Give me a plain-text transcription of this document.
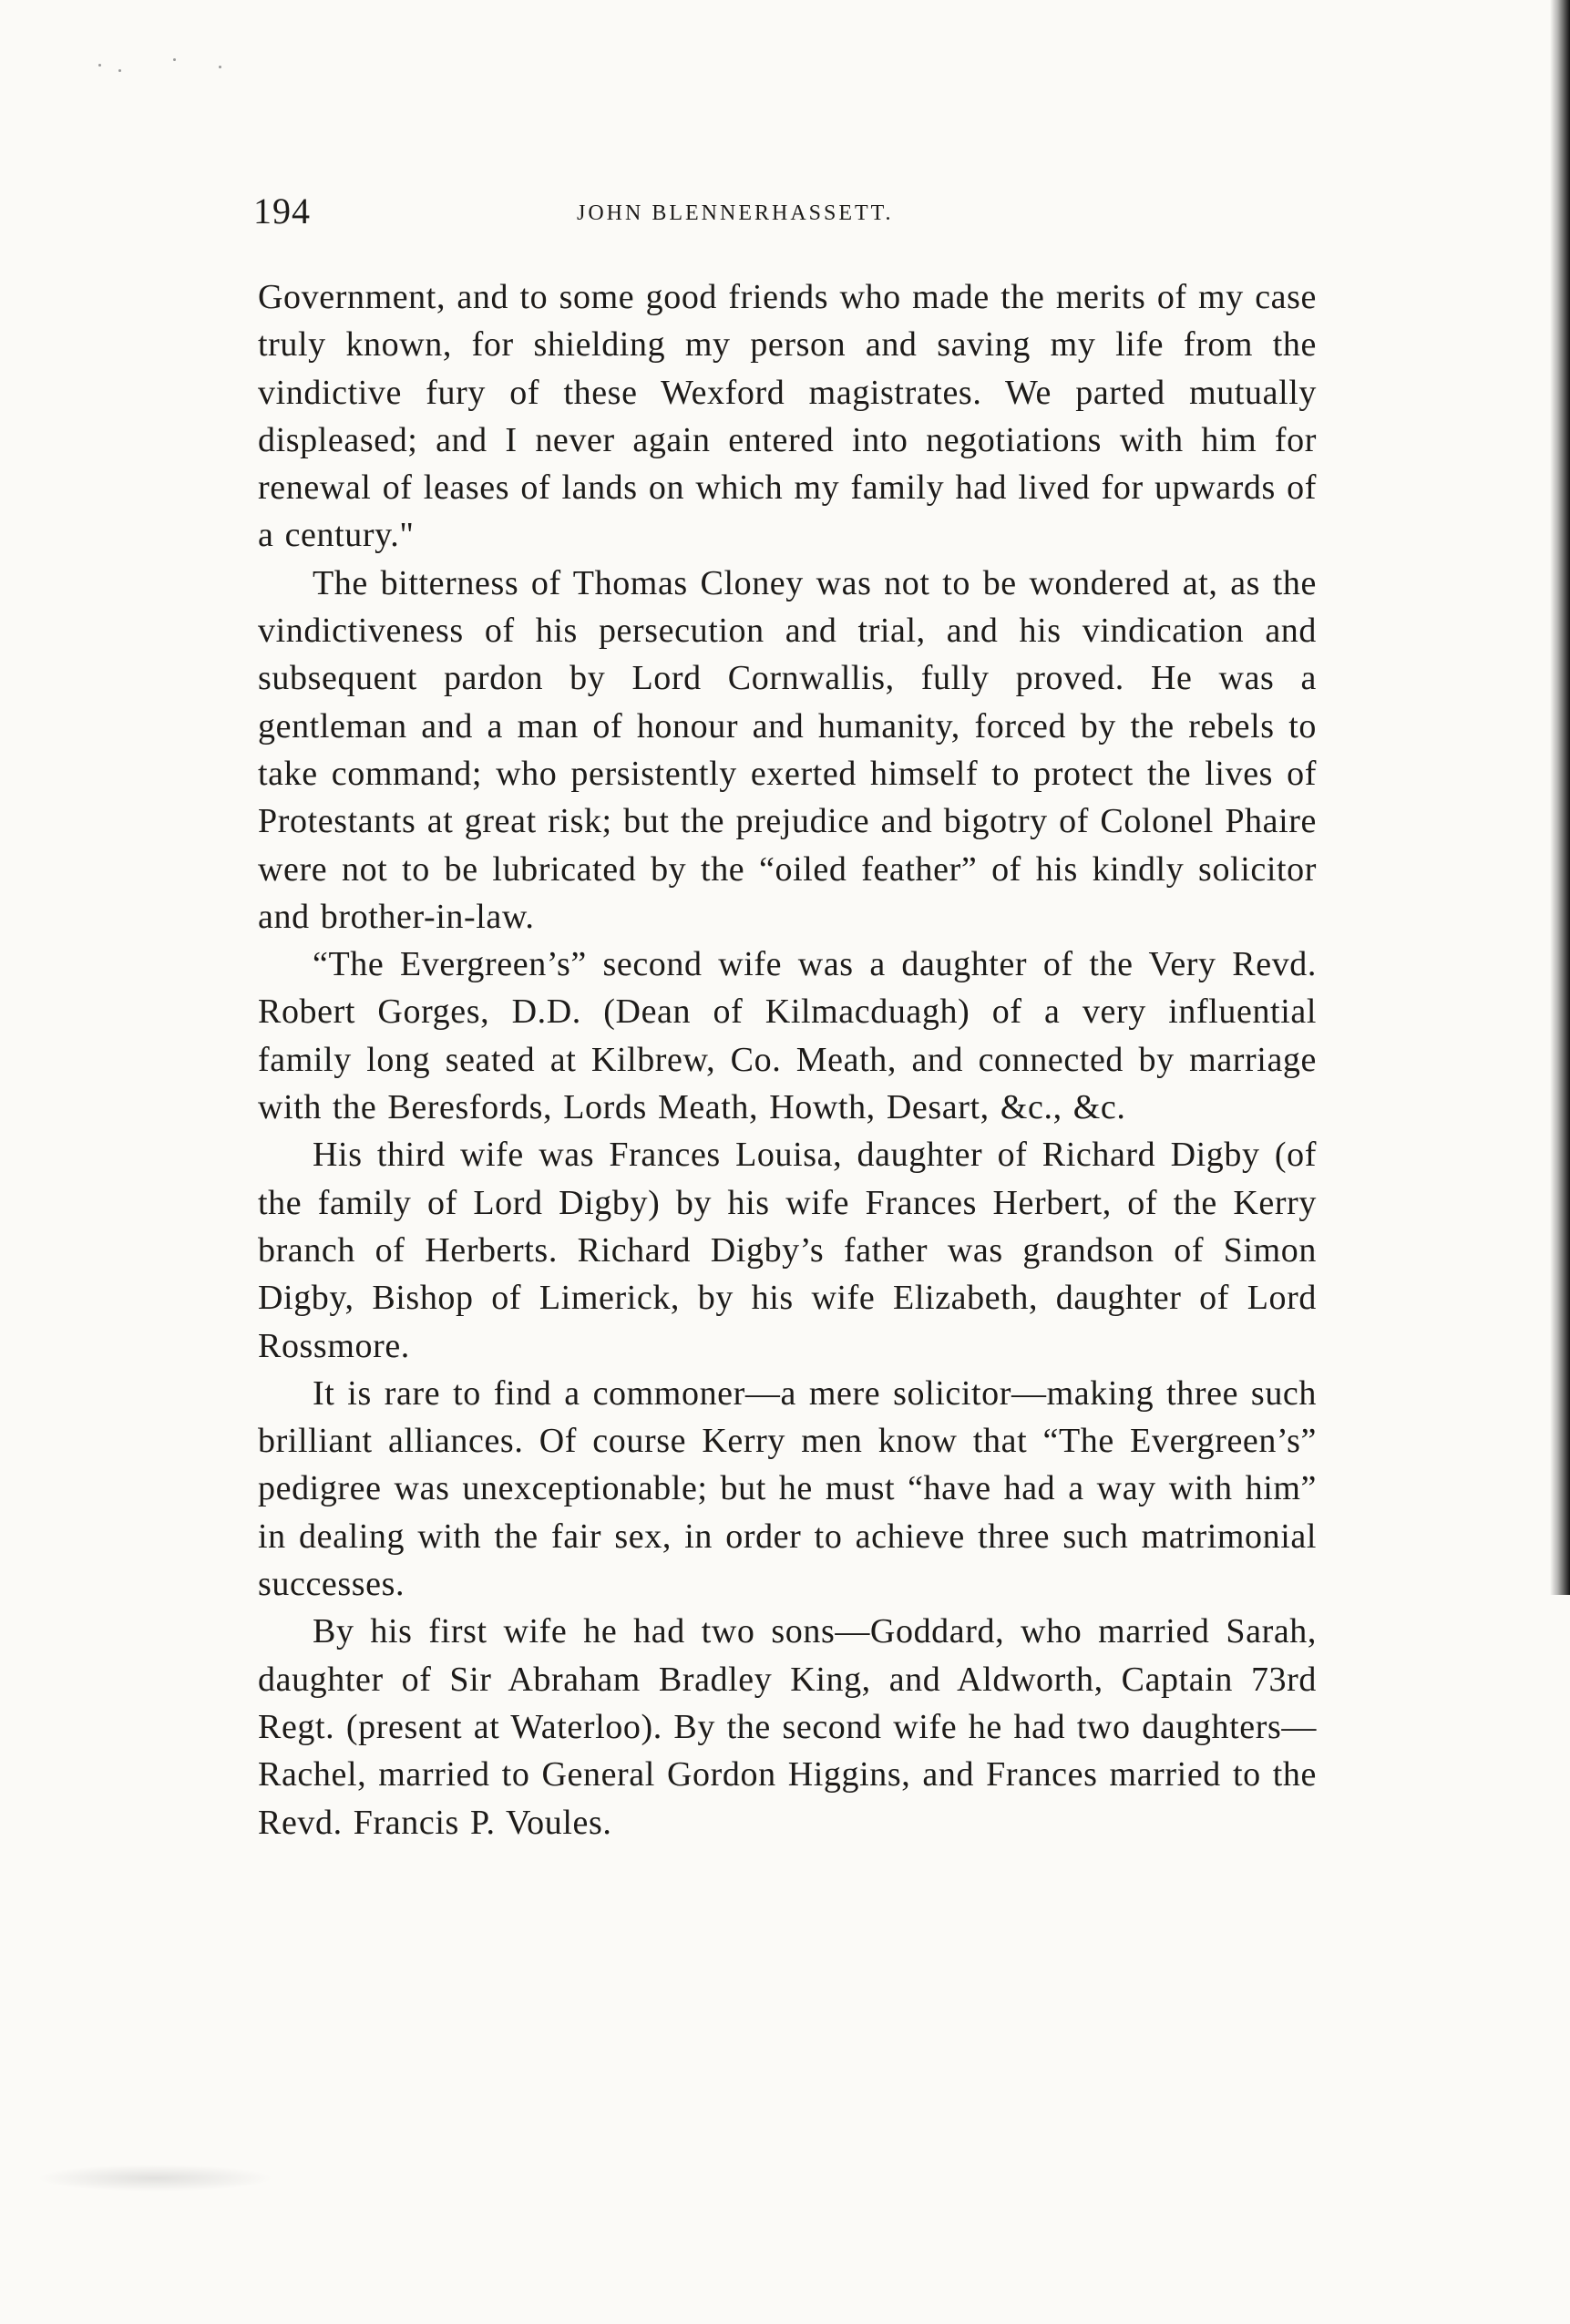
194	JOHN BLENNERHASSETT.

Government, and to some good friends who made the merits of my case truly known, for shielding my person and saving my life from the vindictive fury of these Wexford magistrates. We parted mutually displeased; and I never again entered into negotiations with him for renewal of leases of lands on which my family had lived for upwards of a century."

The bitterness of Thomas Cloney was not to be wondered at, as the vindictiveness of his persecution and trial, and his vindication and subsequent pardon by Lord Cornwallis, fully proved. He was a gentleman and a man of honour and humanity, forced by the rebels to take command; who persistently exerted himself to protect the lives of Protestants at great risk; but the prejudice and bigotry of Colonel Phaire were not to be lubricated by the “oiled feather” of his kindly solicitor and brother-in-law.

“The Evergreen’s” second wife was a daughter of the Very Revd. Robert Gorges, D.D. (Dean of Kilmacduagh) of a very influential family long seated at Kilbrew, Co. Meath, and connected by marriage with the Beresfords, Lords Meath, Howth, Desart, &c., &c.

His third wife was Frances Louisa, daughter of Richard Digby (of the family of Lord Digby) by his wife Frances Herbert, of the Kerry branch of Herberts. Richard Digby’s father was grandson of Simon Digby, Bishop of Limerick, by his wife Elizabeth, daughter of Lord Rossmore.

It is rare to find a commoner—a mere solicitor—making three such brilliant alliances. Of course Kerry men know that “The Evergreen’s” pedigree was unexceptionable; but he must “have had a way with him” in dealing with the fair sex, in order to achieve three such matrimonial successes.

By his first wife he had two sons—Goddard, who married Sarah, daughter of Sir Abraham Bradley King, and Aldworth, Captain 73rd Regt. (present at Waterloo). By the second wife he had two daughters—Rachel, married to General Gordon Higgins, and Frances married to the Revd. Francis P. Voules.
